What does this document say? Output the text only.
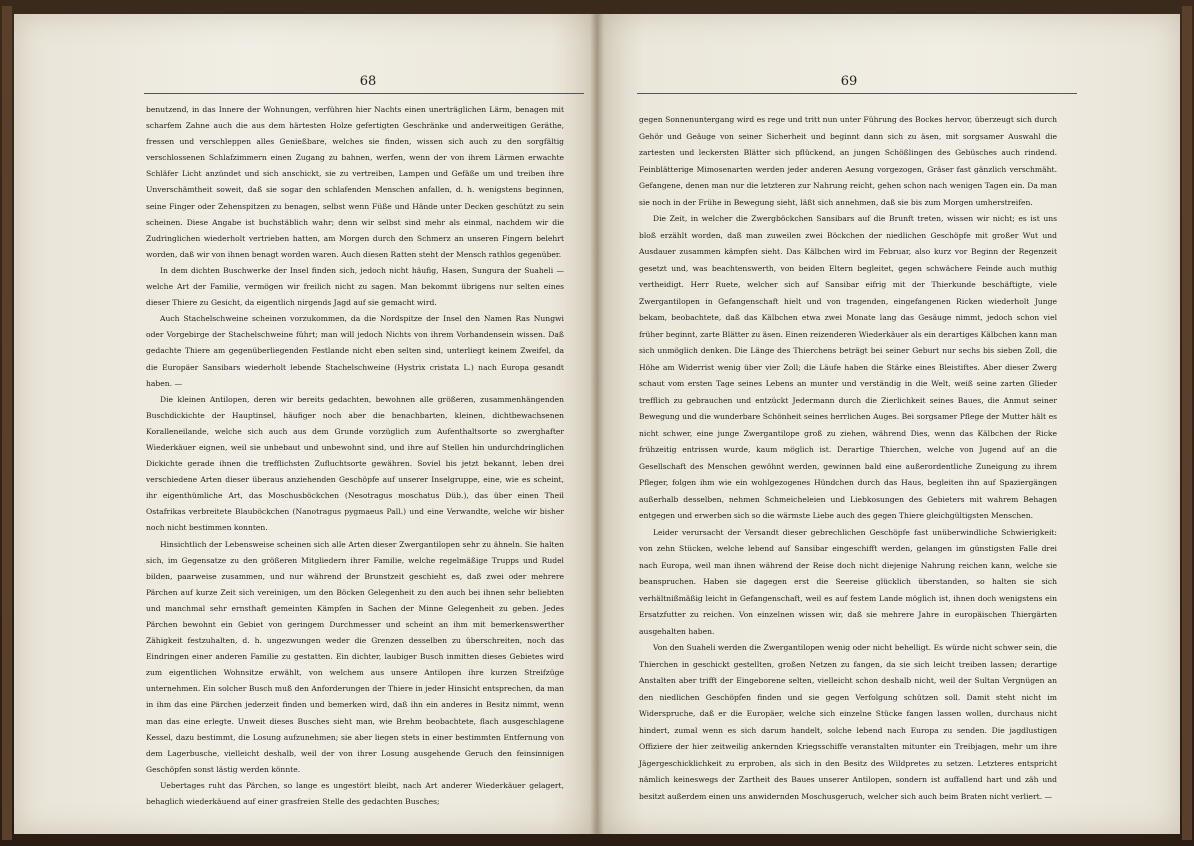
68

benutzend, in das Innere der Wohnungen, verführen hier Nachts einen unerträglichen Lärm, benagen mit scharfem Zahne auch die aus dem härtesten Holze gefertigten Geschränke und anderweitigen Geräthe, fressen und verschleppen alles Genießbare, welches sie finden, wissen sich auch zu den sorgfältig verschlossenen Schlafzimmern einen Zugang zu bahnen, werfen, wenn der von ihrem Lärmen erwachte Schläfer Licht anzündet und sich anschickt, sie zu vertreiben, Lampen und Gefäße um und treiben ihre Unverschämtheit soweit, daß sie sogar den schlafenden Menschen anfallen, d. h. wenigstens beginnen, seine Finger oder Zehenspitzen zu benagen, selbst wenn Füße und Hände unter Decken geschützt zu sein scheinen. Diese Angabe ist buchstäblich wahr; denn wir selbst sind mehr als einmal, nachdem wir die Zudringlichen wiederholt vertrieben hatten, am Morgen durch den Schmerz an unseren Fingern belehrt worden, daß wir von ihnen benagt worden waren. Auch diesen Ratten steht der Mensch rathlos gegenüber.

In dem dichten Buschwerke der Insel finden sich, jedoch nicht häufig, Hasen, Sungura der Suaheli — welche Art der Familie, vermögen wir freilich nicht zu sagen. Man bekommt übrigens nur selten eines dieser Thiere zu Gesicht, da eigentlich nirgends Jagd auf sie gemacht wird.

Auch Stachelschweine scheinen vorzukommen, da die Nordspitze der Insel den Namen Ras Nungwi oder Vorgebirge der Stachelschweine führt; man will jedoch Nichts von ihrem Vorhandensein wissen. Daß gedachte Thiere am gegenüberliegenden Festlande nicht eben selten sind, unterliegt keinem Zweifel, da die Europäer Sansibars wiederholt lebende Stachelschweine (Hystrix cristata L.) nach Europa gesandt haben. —

Die kleinen Antilopen, deren wir bereits gedachten, bewohnen alle größeren, zusammenhängenden Buschdickichte der Hauptinsel, häufiger noch aber die benachbarten, kleinen, dichtbewachsenen Koralleneilande, welche sich auch aus dem Grunde vorzüglich zum Aufenthaltsorte so zwerghafter Wiederkäuer eignen, weil sie unbebaut und unbewohnt sind, und ihre auf Stellen hin undurchdringlichen Dickichte gerade ihnen die trefflichsten Zufluchtsorte gewähren. Soviel bis jetzt bekannt, leben drei verschiedene Arten dieser überaus anziehenden Geschöpfe auf unserer Inselgruppe, eine, wie es scheint, ihr eigenthümliche Art, das Moschusböckchen (Nesotragus moschatus Düb.), das über einen Theil Ostafrikas verbreitete Blauböckchen (Nanotragus pygmaeus Pall.) und eine Verwandte, welche wir bisher noch nicht bestimmen konnten.

Hinsichtlich der Lebensweise scheinen sich alle Arten dieser Zwergantilopen sehr zu ähneln. Sie halten sich, im Gegensatze zu den größeren Mitgliedern ihrer Familie, welche regelmäßige Trupps und Rudel bilden, paarweise zusammen, und nur während der Brunstzeit geschieht es, daß zwei oder mehrere Pärchen auf kurze Zeit sich vereinigen, um den Böcken Gelegenheit zu den auch bei ihnen sehr beliebten und manchmal sehr ernsthaft gemeinten Kämpfen in Sachen der Minne Gelegenheit zu geben. Jedes Pärchen bewohnt ein Gebiet von geringem Durchmesser und scheint an ihm mit bemerkenswerther Zähigkeit festzuhalten, d. h. ungezwungen weder die Grenzen desselben zu überschreiten, noch das Eindringen einer anderen Familie zu gestatten. Ein dichter, laubiger Busch inmitten dieses Gebietes wird zum eigentlichen Wohnsitze erwählt, von welchem aus unsere Antilopen ihre kurzen Streifzüge unternehmen. Ein solcher Busch muß den Anforderungen der Thiere in jeder Hinsicht entsprechen, da man in ihm das eine Pärchen jederzeit finden und bemerken wird, daß ihn ein anderes in Besitz nimmt, wenn man das eine erlegte. Unweit dieses Busches sieht man, wie Brehm beobachtete, flach ausgeschlagene Kessel, dazu bestimmt, die Losung aufzunehmen; sie aber liegen stets in einer bestimmten Entfernung von dem Lagerbusche, vielleicht deshalb, weil der von ihrer Losung ausgehende Geruch den feinsinnigen Geschöpfen sonst lästig werden könnte.

Uebertages ruht das Pärchen, so lange es ungestört bleibt, nach Art anderer Wiederkäuer gelagert, behaglich wiederkäuend auf einer grasfreien Stelle des gedachten Busches;

69

gegen Sonnenuntergang wird es rege und tritt nun unter Führung des Bockes hervor, überzeugt sich durch Gehör und Geäuge von seiner Sicherheit und beginnt dann sich zu äsen, mit sorgsamer Auswahl die zartesten und leckersten Blätter sich pflückend, an jungen Schößlingen des Gebüsches auch rindend. Feinblätterige Mimosenarten werden jeder anderen Aesung vorgezogen, Gräser fast gänzlich verschmäht. Gefangene, denen man nur die letzteren zur Nahrung reicht, gehen schon nach wenigen Tagen ein. Da man sie noch in der Frühe in Bewegung sieht, läßt sich annehmen, daß sie bis zum Morgen umherstreifen.

Die Zeit, in welcher die Zwergböckchen Sansibars auf die Brunft treten, wissen wir nicht; es ist uns bloß erzählt worden, daß man zuweilen zwei Böckchen der niedlichen Geschöpfe mit großer Wut und Ausdauer zusammen kämpfen sieht. Das Kälbchen wird im Februar, also kurz vor Beginn der Regenzeit gesetzt und, was beachtenswerth, von beiden Eltern begleitet, gegen schwächere Feinde auch muthig vertheidigt. Herr Ruete, welcher sich auf Sansibar eifrig mit der Thierkunde beschäftigte, viele Zwergantilopen in Gefangenschaft hielt und von tragenden, eingefangenen Ricken wiederholt Junge bekam, beobachtete, daß das Kälbchen etwa zwei Monate lang das Gesäuge nimmt, jedoch schon viel früher beginnt, zarte Blätter zu äsen. Einen reizenderen Wiederkäuer als ein derartiges Kälbchen kann man sich unmöglich denken. Die Länge des Thierchens beträgt bei seiner Geburt nur sechs bis sieben Zoll, die Höhe am Widerrist wenig über vier Zoll; die Läufe haben die Stärke eines Bleistiftes. Aber dieser Zwerg schaut vom ersten Tage seines Lebens an munter und verständig in die Welt, weiß seine zarten Glieder trefflich zu gebrauchen und entzückt Jedermann durch die Zierlichkeit seines Baues, die Anmut seiner Bewegung und die wunderbare Schönheit seines herrlichen Auges. Bei sorgsamer Pflege der Mutter hält es nicht schwer, eine junge Zwergantilope groß zu ziehen, während Dies, wenn das Kälbchen der Ricke frühzeitig entrissen wurde, kaum möglich ist. Derartige Thierchen, welche von Jugend auf an die Gesellschaft des Menschen gewöhnt werden, gewinnen bald eine außerordentliche Zuneigung zu ihrem Pfleger, folgen ihm wie ein wohlgezogenes Hündchen durch das Haus, begleiten ihn auf Spaziergängen außerhalb desselben, nehmen Schmeicheleien und Liebkosungen des Gebieters mit wahrem Behagen entgegen und erwerben sich so die wärmste Liebe auch des gegen Thiere gleichgültigsten Menschen.

Leider verursacht der Versandt dieser gebrechlichen Geschöpfe fast unüberwindliche Schwierigkeit: von zehn Stücken, welche lebend auf Sansibar eingeschifft werden, gelangen im günstigsten Falle drei nach Europa, weil man ihnen während der Reise doch nicht diejenige Nahrung reichen kann, welche sie beanspruchen. Haben sie dagegen erst die Seereise glücklich überstanden, so halten sie sich verhältnißmäßig leicht in Gefangenschaft, weil es auf festem Lande möglich ist, ihnen doch wenigstens ein Ersatzfutter zu reichen. Von einzelnen wissen wir, daß sie mehrere Jahre in europäischen Thiergärten ausgehalten haben.

Von den Suaheli werden die Zwergantilopen wenig oder nicht behelligt. Es würde nicht schwer sein, die Thierchen in geschickt gestellten, großen Netzen zu fangen, da sie sich leicht treiben lassen; derartige Anstalten aber trifft der Eingeborene selten, vielleicht schon deshalb nicht, weil der Sultan Vergnügen an den niedlichen Geschöpfen finden und sie gegen Verfolgung schützen soll. Damit steht nicht im Widerspruche, daß er die Europäer, welche sich einzelne Stücke fangen lassen wollen, durchaus nicht hindert, zumal wenn es sich darum handelt, solche lebend nach Europa zu senden. Die jagdlustigen Offiziere der hier zeitweilig ankernden Kriegsschiffe veranstalten mitunter ein Treibjagen, mehr um ihre Jägergeschicklichkeit zu erproben, als sich in den Besitz des Wildpretes zu setzen. Letzteres entspricht nämlich keineswegs der Zartheit des Baues unserer Antilopen, sondern ist auffallend hart und zäh und besitzt außerdem einen uns anwidernden Moschusgeruch, welcher sich auch beim Braten nicht verliert. —
